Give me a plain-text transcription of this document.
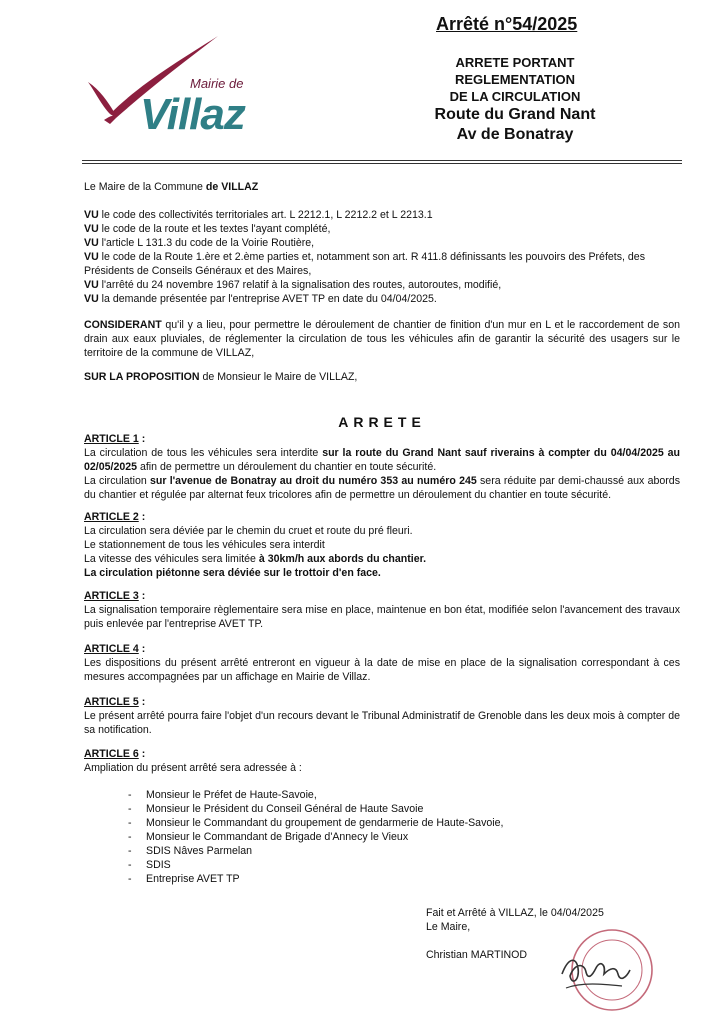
Mairie de
Villaz
Arrêté n°54/2025
ARRETE PORTANT
REGLEMENTATION
DE LA CIRCULATION
Route du Grand Nant
Av de Bonatray

Le Maire de la Commune de VILLAZ

VU le code des collectivités territoriales art. L 2212.1, L 2212.2 et L 2213.1

VU le code de la route et les textes l'ayant complété,

VU l'article L 131.3 du code de la Voirie Routière,

VU le code de la Route 1.ère et 2.ème parties et, notamment son art. R 411.8 définissants les pouvoirs des Préfets, des Présidents de Conseils Généraux et des Maires,

VU l'arrêté du 24 novembre 1967 relatif à la signalisation des routes, autoroutes, modifié,

VU la demande présentée par l'entreprise AVET TP en date du 04/04/2025.

CONSIDERANT qu'il y a lieu, pour permettre le déroulement de chantier de finition d'un mur en L et le raccordement de son drain aux eaux pluviales, de réglementer la circulation de tous les véhicules afin de garantir la sécurité des usagers sur le territoire de la commune de VILLAZ,

SUR LA PROPOSITION de Monsieur le Maire de VILLAZ,

ARRETE

ARTICLE 1 :

La circulation de tous les véhicules sera interdite sur la route du Grand Nant sauf riverains à compter du 04/04/2025 au 02/05/2025 afin de permettre un déroulement du chantier en toute sécurité.

La circulation sur l'avenue de Bonatray au droit du numéro 353 au numéro 245 sera réduite par demi-chaussé aux abords du chantier et régulée par alternat feux tricolores afin de permettre un déroulement du chantier en toute sécurité.

ARTICLE 2 :

La circulation sera déviée par le chemin du cruet et route du pré fleuri.

Le stationnement de tous les véhicules sera interdit

La vitesse des véhicules sera limitée à 30km/h aux abords du chantier.

La circulation piétonne sera déviée sur le trottoir d'en face.

ARTICLE 3 :

La signalisation temporaire règlementaire sera mise en place, maintenue en bon état, modifiée selon l'avancement des travaux puis enlevée par l'entreprise AVET TP.

ARTICLE 4 :

Les dispositions du présent arrêté entreront en vigueur à la date de mise en place de la signalisation correspondant à ces mesures accompagnées par un affichage en Mairie de Villaz.

ARTICLE 5 :

Le présent arrêté pourra faire l'objet d'un recours devant le Tribunal Administratif de Grenoble dans les deux mois à compter de sa notification.

ARTICLE 6 :

Ampliation du présent arrêté sera adressée à :

- Monsieur le Préfet de Haute-Savoie,
- Monsieur le Président du Conseil Général de Haute Savoie
- Monsieur le Commandant du groupement de gendarmerie de Haute-Savoie,
- Monsieur le Commandant de Brigade d'Annecy le Vieux
- SDIS Nâves Parmelan
- SDIS
- Entreprise AVET TP
Fait et Arrêté à VILLAZ, le 04/04/2025
Le Maire,
Christian MARTINOD
